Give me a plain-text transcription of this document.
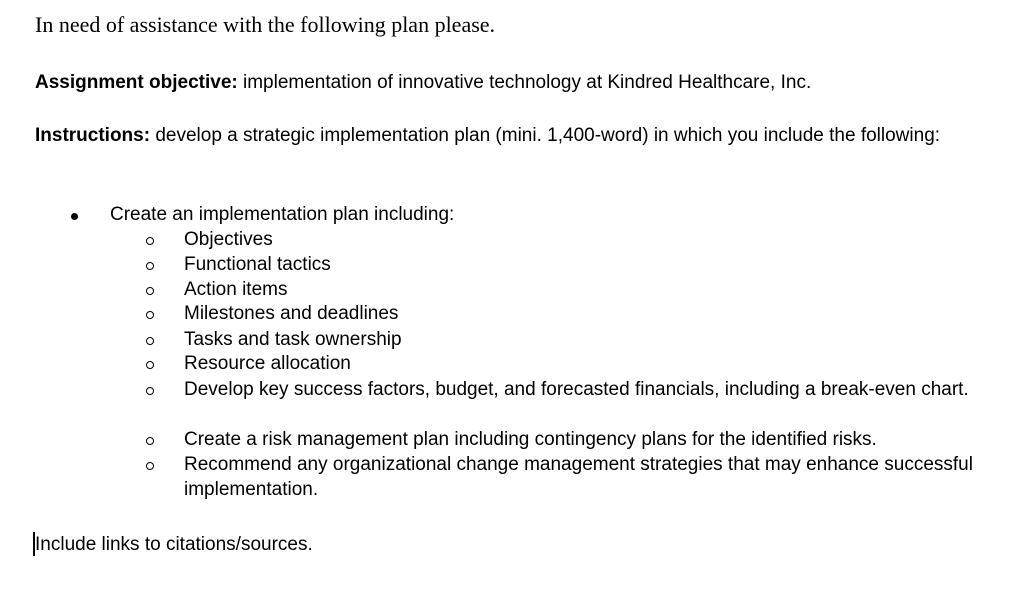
In need of assistance with the following plan please.
Assignment objective: implementation of innovative technology at Kindred Healthcare, Inc.
Instructions: develop a strategic implementation plan (mini. 1,400-word) in which you include the following:
Create an implementation plan including:
Objectives
Functional tactics
Action items
Milestones and deadlines
Tasks and task ownership
Resource allocation
Develop key success factors, budget, and forecasted financials, including a break-even chart.
Create a risk management plan including contingency plans for the identified risks.
Recommend any organizational change management strategies that may enhance successful implementation.
Include links to citations/sources.
